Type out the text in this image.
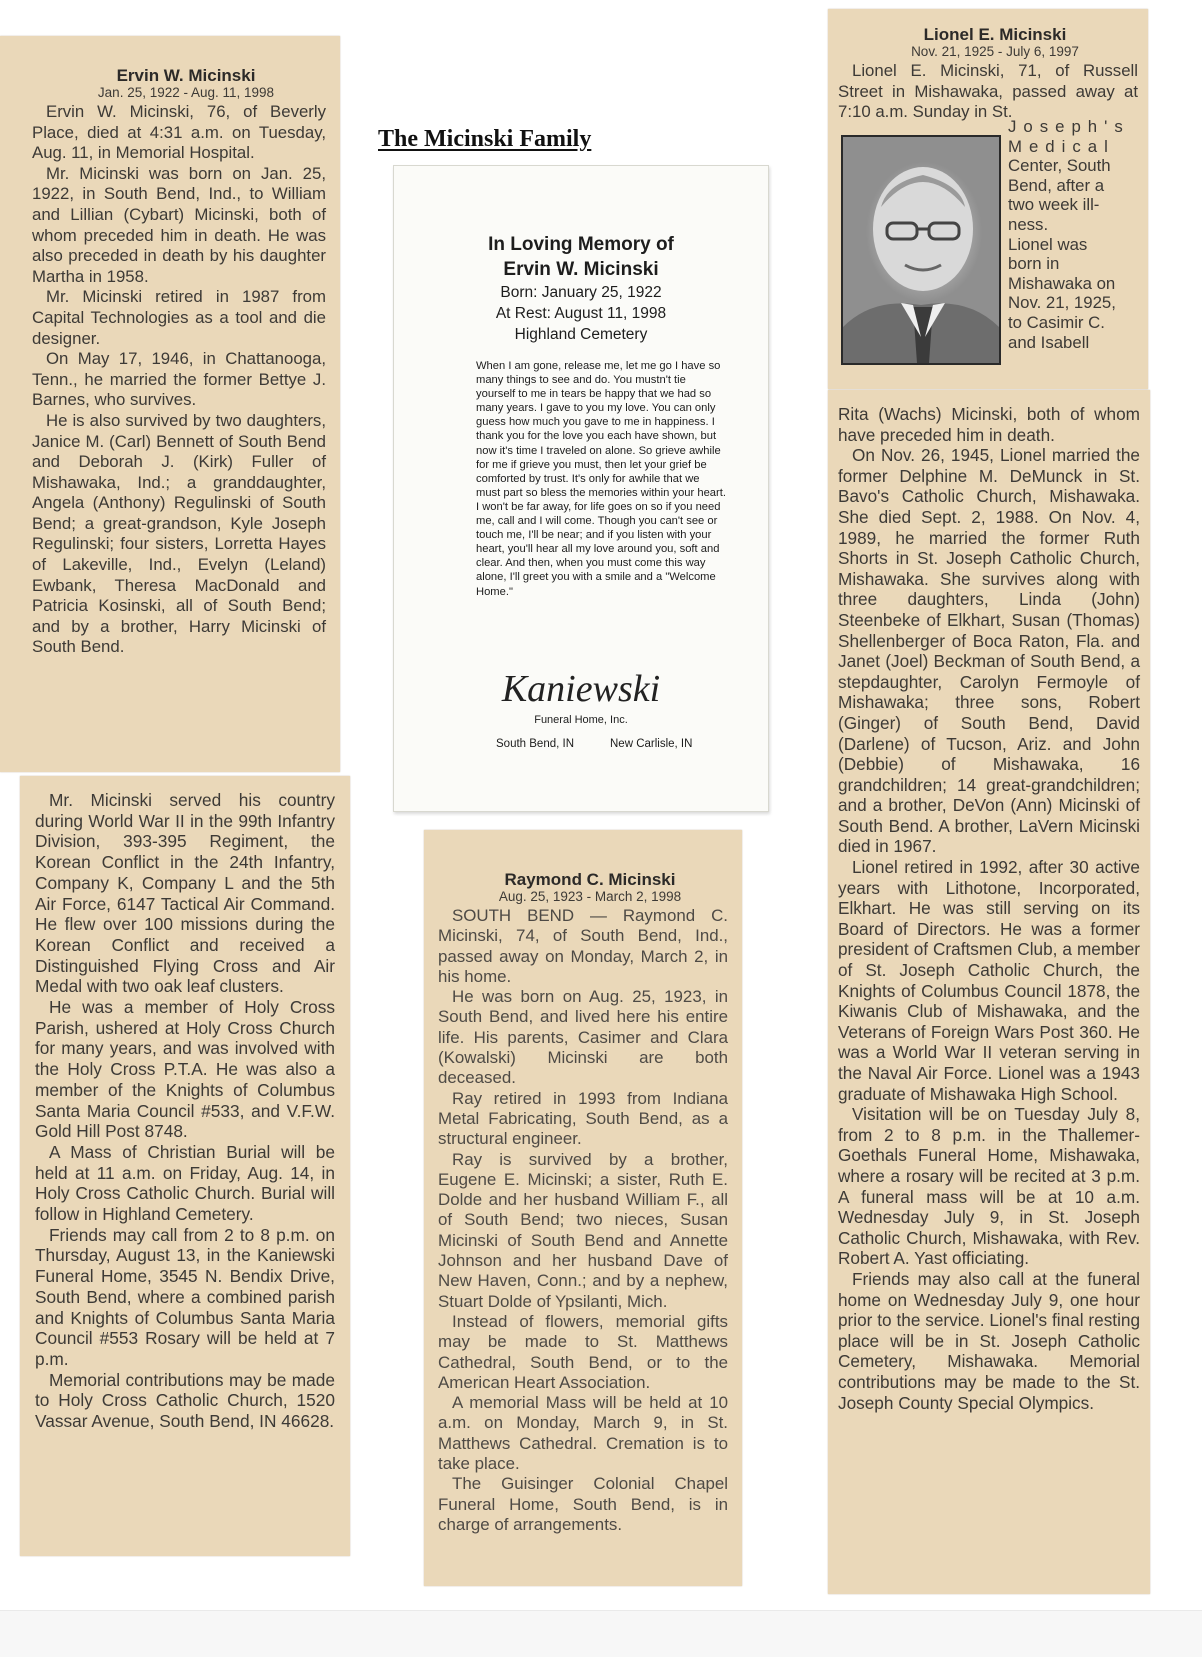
Ervin W. Micinski

Jan. 25, 1922 - Aug. 11, 1998

Ervin W. Micinski, 76, of Beverly Place, died at 4:31 a.m. on Tuesday, Aug. 11, in Memorial Hospital.

Mr. Micinski was born on Jan. 25, 1922, in South Bend, Ind., to William and Lillian (Cybart) Micinski, both of whom preceded him in death. He was also preceded in death by his daughter Martha in 1958.

Mr. Micinski retired in 1987 from Capital Technologies as a tool and die designer.

On May 17, 1946, in Chattanooga, Tenn., he married the former Bettye J. Barnes, who survives.

He is also survived by two daughters, Janice M. (Carl) Bennett of South Bend and Deborah J. (Kirk) Fuller of Mishawaka, Ind.; a granddaughter, Angela (Anthony) Regulinski of South Bend; a great-grandson, Kyle Joseph Regulinski; four sisters, Lorretta Hayes of Lakeville, Ind., Evelyn (Leland) Ewbank, Theresa MacDonald and Patricia Kosinski, all of South Bend; and by a brother, Harry Micinski of South Bend.

Mr. Micinski served his country during World War II in the 99th Infantry Division, 393-395 Regiment, the Korean Conflict in the 24th Infantry, Company K, Company L and the 5th Air Force, 6147 Tactical Air Command. He flew over 100 missions during the Korean Conflict and received a Distinguished Flying Cross and Air Medal with two oak leaf clusters.

He was a member of Holy Cross Parish, ushered at Holy Cross Church for many years, and was involved with the Holy Cross P.T.A. He was also a member of the Knights of Columbus Santa Maria Council #533, and V.F.W. Gold Hill Post 8748.

A Mass of Christian Burial will be held at 11 a.m. on Friday, Aug. 14, in Holy Cross Catholic Church. Burial will follow in Highland Cemetery.

Friends may call from 2 to 8 p.m. on Thursday, August 13, in the Kaniewski Funeral Home, 3545 N. Bendix Drive, South Bend, where a combined parish and Knights of Columbus Santa Maria Council #553 Rosary will be held at 7 p.m.

Memorial contributions may be made to Holy Cross Catholic Church, 1520 Vassar Avenue, South Bend, IN 46628.

The Micinski Family
In Loving Memory of
Ervin W. Micinski
Born: January 25, 1922
At Rest: August 11, 1998
Highland Cemetery

When I am gone, release me, let me go I have so many things to see and do. You mustn't tie yourself to me in tears be happy that we had so many years. I gave to you my love. You can only guess how much you gave to me in happiness. I thank you for the love you each have shown, but now it's time I traveled on alone. So grieve awhile for me if grieve you must, then let your grief be comforted by trust. It's only for awhile that we must part so bless the memories within your heart. I won't be far away, for life goes on so if you need me, call and I will come. Though you can't see or touch me, I'll be near; and if you listen with your heart, you'll hear all my love around you, soft and clear. And then, when you must come this way alone, I'll greet you with a smile and a "Welcome Home."

Kaniewski
Funeral Home, Inc.
South Bend, IN	New Carlisle, IN

Raymond C. Micinski

Aug. 25, 1923 - March 2, 1998

SOUTH BEND — Raymond C. Micinski, 74, of South Bend, Ind., passed away on Monday, March 2, in his home.

He was born on Aug. 25, 1923, in South Bend, and lived here his entire life. His parents, Casimer and Clara (Kowalski) Micinski are both deceased.

Ray retired in 1993 from Indiana Metal Fabricating, South Bend, as a structural engineer.

Ray is survived by a brother, Eugene E. Micinski; a sister, Ruth E. Dolde and her husband William F., all of South Bend; two nieces, Susan Micinski of South Bend and Annette Johnson and her husband Dave of New Haven, Conn.; and by a nephew, Stuart Dolde of Ypsilanti, Mich.

Instead of flowers, memorial gifts may be made to St. Matthews Cathedral, South Bend, or to the American Heart Association.

A memorial Mass will be held at 10 a.m. on Monday, March 9, in St. Matthews Cathedral. Cremation is to take place.

The Guisinger Colonial Chapel Funeral Home, South Bend, is in charge of arrangements.

Lionel E. Micinski

Nov. 21, 1925 - July 6, 1997

Lionel E. Micinski, 71, of Russell Street in Mishawaka, passed away at 7:10 a.m. Sunday in St.
Joseph's
Medical
Center, South
Bend, after a
two week ill-
ness.
Lionel was
born in
Mishawaka on
Nov. 21, 1925,
to Casimir C.
and Isabell

Rita (Wachs) Micinski, both of whom have preceded him in death.

On Nov. 26, 1945, Lionel married the former Delphine M. DeMunck in St. Bavo's Catholic Church, Mishawaka. She died Sept. 2, 1988. On Nov. 4, 1989, he married the former Ruth Shorts in St. Joseph Catholic Church, Mishawaka. She survives along with three daughters, Linda (John) Steenbeke of Elkhart, Susan (Thomas) Shellenberger of Boca Raton, Fla. and Janet (Joel) Beckman of South Bend, a stepdaughter, Carolyn Fermoyle of Mishawaka; three sons, Robert (Ginger) of South Bend, David (Darlene) of Tucson, Ariz. and John (Debbie) of Mishawaka, 16 grandchildren; 14 great-grandchildren; and a brother, DeVon (Ann) Micinski of South Bend. A brother, LaVern Micinski died in 1967.

Lionel retired in 1992, after 30 active years with Lithotone, Incorporated, Elkhart. He was still serving on its Board of Directors. He was a former president of Craftsmen Club, a member of St. Joseph Catholic Church, the Knights of Columbus Council 1878, the Kiwanis Club of Mishawaka, and the Veterans of Foreign Wars Post 360. He was a World War II veteran serving in the Naval Air Force. Lionel was a 1943 graduate of Mishawaka High School.

Visitation will be on Tuesday July 8, from 2 to 8 p.m. in the Thallemer-Goethals Funeral Home, Mishawaka, where a rosary will be recited at 3 p.m. A funeral mass will be at 10 a.m. Wednesday July 9, in St. Joseph Catholic Church, Mishawaka, with Rev. Robert A. Yast officiating.

Friends may also call at the funeral home on Wednesday July 9, one hour prior to the service. Lionel's final resting place will be in St. Joseph Catholic Cemetery, Mishawaka. Memorial contributions may be made to the St. Joseph County Special Olympics.
